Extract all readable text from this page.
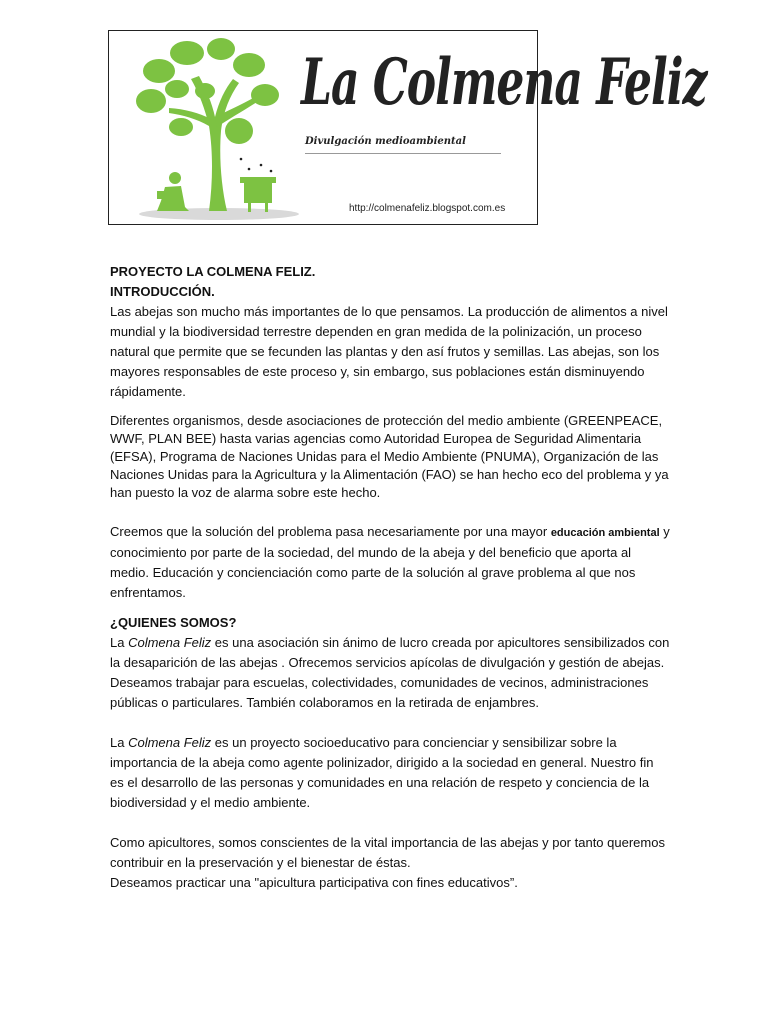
La Colmena Feliz
Divulgación medioambiental
http://colmenafeliz.blogspot.com.es

PROYECTO LA COLMENA FELIZ.

INTRODUCCIÓN.

Las abejas son mucho más importantes de lo que pensamos. La producción de alimentos a nivel mundial y la biodiversidad terrestre dependen en gran medida de la polinización, un proceso natural que permite que se fecunden las plantas y den así frutos y semillas. Las abejas, son los mayores responsables de este proceso y, sin embargo, sus poblaciones están disminuyendo rápidamente.

Diferentes organismos, desde asociaciones de protección del medio ambiente (GREENPEACE, WWF, PLAN BEE) hasta varias agencias como Autoridad Europea de Seguridad Alimentaria (EFSA), Programa de Naciones Unidas para el Medio Ambiente (PNUMA), Organización de las Naciones Unidas para la Agricultura y la Alimentación (FAO) se han hecho eco del problema y ya han puesto la voz de alarma sobre este hecho.

Creemos que la solución del problema pasa necesariamente por una mayor educación ambiental y conocimiento por parte de la sociedad, del mundo de la abeja y del beneficio que aporta al medio. Educación y concienciación como parte de la solución al grave problema al que nos enfrentamos.

¿QUIENES SOMOS?

La Colmena Feliz es una asociación sin ánimo de lucro creada por apicultores sensibilizados con la desaparición de las abejas . Ofrecemos servicios apícolas de divulgación y gestión de abejas. Deseamos trabajar para escuelas, colectividades, comunidades de vecinos, administraciones públicas o particulares. También colaboramos en la retirada de enjambres.

La Colmena Feliz es un proyecto socioeducativo para concienciar y sensibilizar sobre la importancia de la abeja como agente polinizador, dirigido a la sociedad en general. Nuestro fin es el desarrollo de las personas y comunidades en una relación de respeto y conciencia de la biodiversidad y el medio ambiente.

Como apicultores, somos conscientes de la vital importancia de las abejas y por tanto queremos contribuir en la preservación y el bienestar de éstas.

Deseamos practicar una "apicultura participativa con fines educativos”.
